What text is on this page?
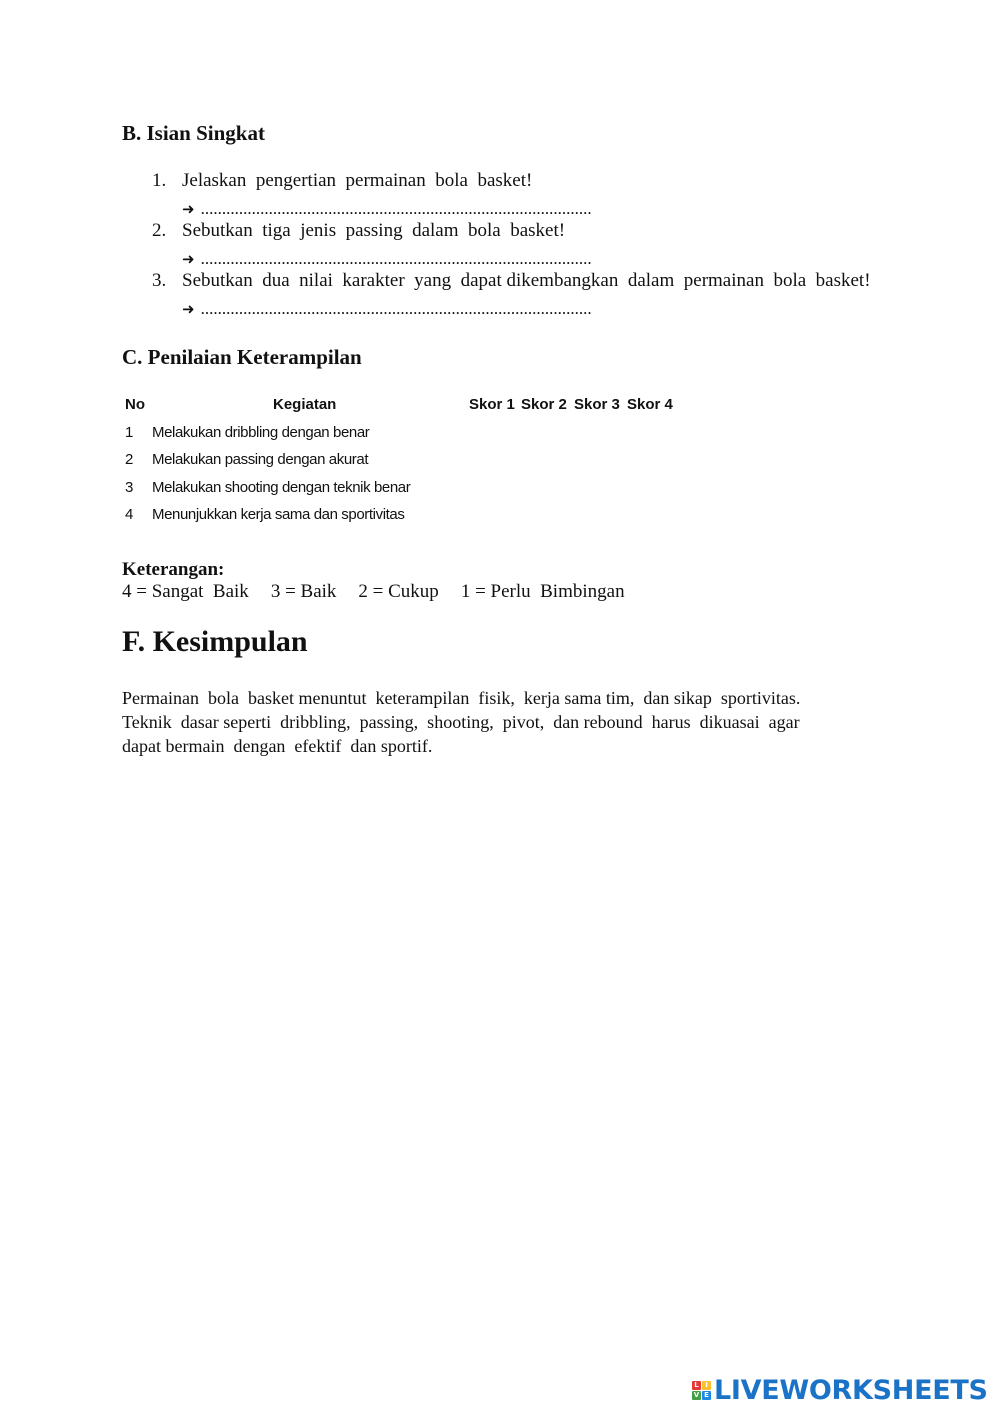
B. Isian Singkat
1. Jelaskan  pengertian  permainan  bola  basket!
➜ ............................................................................................
2. Sebutkan  tiga  jenis  passing  dalam  bola  basket!
➜ ............................................................................................
3. Sebutkan  dua  nilai  karakter  yang  dapat dikembangkan  dalam  permainan  bola  basket!
➜ ............................................................................................
C. Penilaian Keterampilan
No	Kegiatan	Skor 1 Skor 2 Skor 3 Skor 4
1 Melakukan dribbling dengan benar
2 Melakukan passing dengan akurat
3 Melakukan shooting dengan teknik benar
4 Menunjukkan kerja sama dan sportivitas
Keterangan:
4 = Sangat  Baik 3 = Baik 2 = Cukup 1 = Perlu  Bimbingan
F. Kesimpulan
Permainan  bola  basket menuntut  keterampilan  fisik,  kerja sama tim,  dan sikap  sportivitas.
Teknik  dasar seperti  dribbling,  passing,  shooting,  pivot,  dan rebound  harus  dikuasai  agar
dapat bermain  dengan  efektif  dan sportif.
L I
V E LIVEWORKSHEETS
